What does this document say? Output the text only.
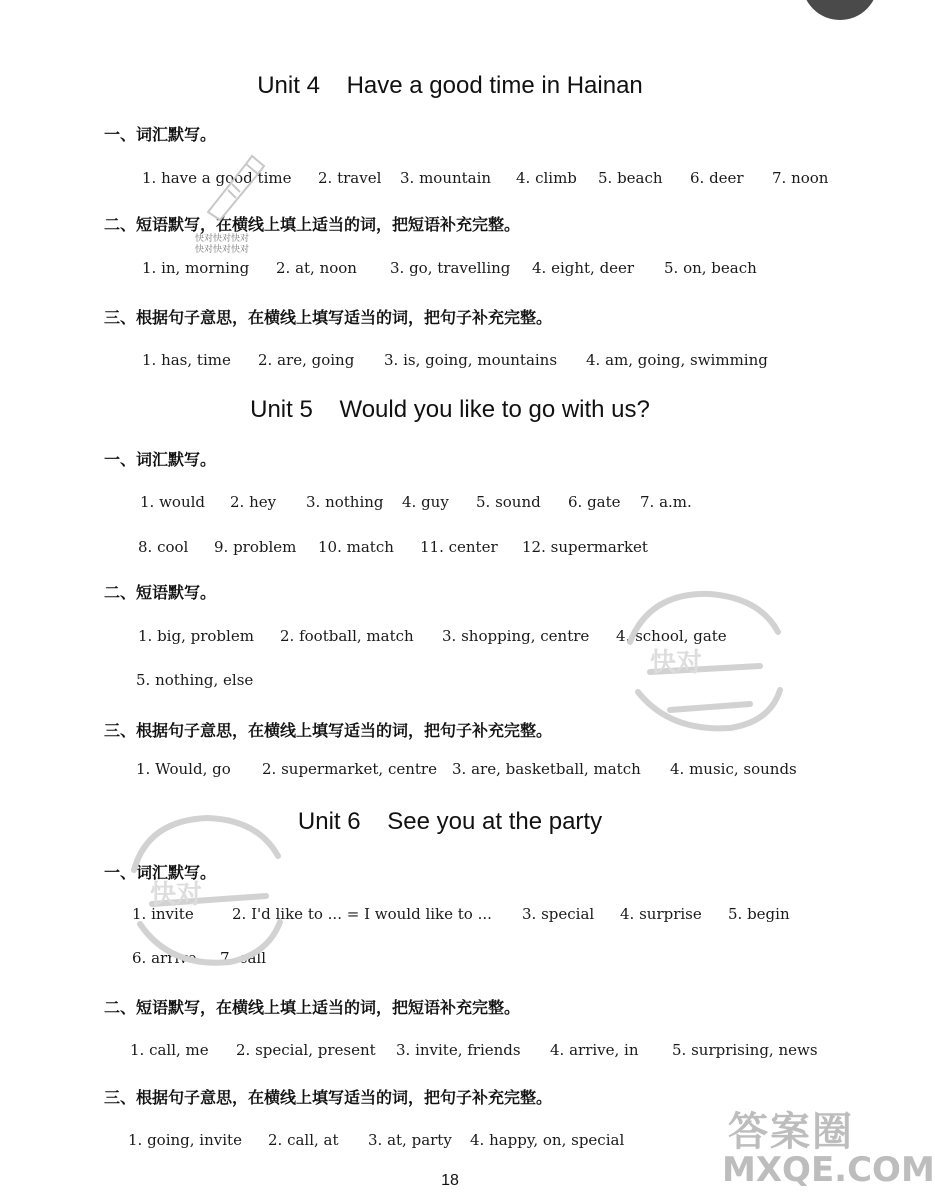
Unit 4    Have a good time in Hainan
一、词汇默写。
1. have a good time 2. travel 3. mountain 4. climb 5. beach 6. deer 7. noon
二、短语默写，在横线上填上适当的词，把短语补充完整。
1. in, morning 2. at, noon 3. go, travelling 4. eight, deer 5. on, beach
三、根据句子意思，在横线上填写适当的词，把句子补充完整。
1. has, time 2. are, going 3. is, going, mountains 4. am, going, swimming
Unit 5    Would you like to go with us?
一、词汇默写。
1. would 2. hey 3. nothing 4. guy 5. sound 6. gate 7. a.m.
8. cool 9. problem 10. match 11. center 12. supermarket
二、短语默写。
1. big, problem 2. football, match 3. shopping, centre 4. school, gate
5. nothing, else
三、根据句子意思，在横线上填写适当的词，把句子补充完整。
1. Would, go 2. supermarket, centre 3. are, basketball, match 4. music, sounds
Unit 6    See you at the party
一、词汇默写。
1. invite	2. I'd like to ... = I would like to ... 3. special 4. surprise 5. begin
6. arrive 7. call
二、短语默写，在横线上填上适当的词，把短语补充完整。
1. call, me 2. special, present 3. invite, friends 4. arrive, in 5. surprising, news
三、根据句子意思，在横线上填写适当的词，把句子补充完整。
1. going, invite 2. call, at 3. at, party 4. happy, on, special
18
快对快对快对
快对快对快对
快对
快对
答案圈
MXQE.COM
